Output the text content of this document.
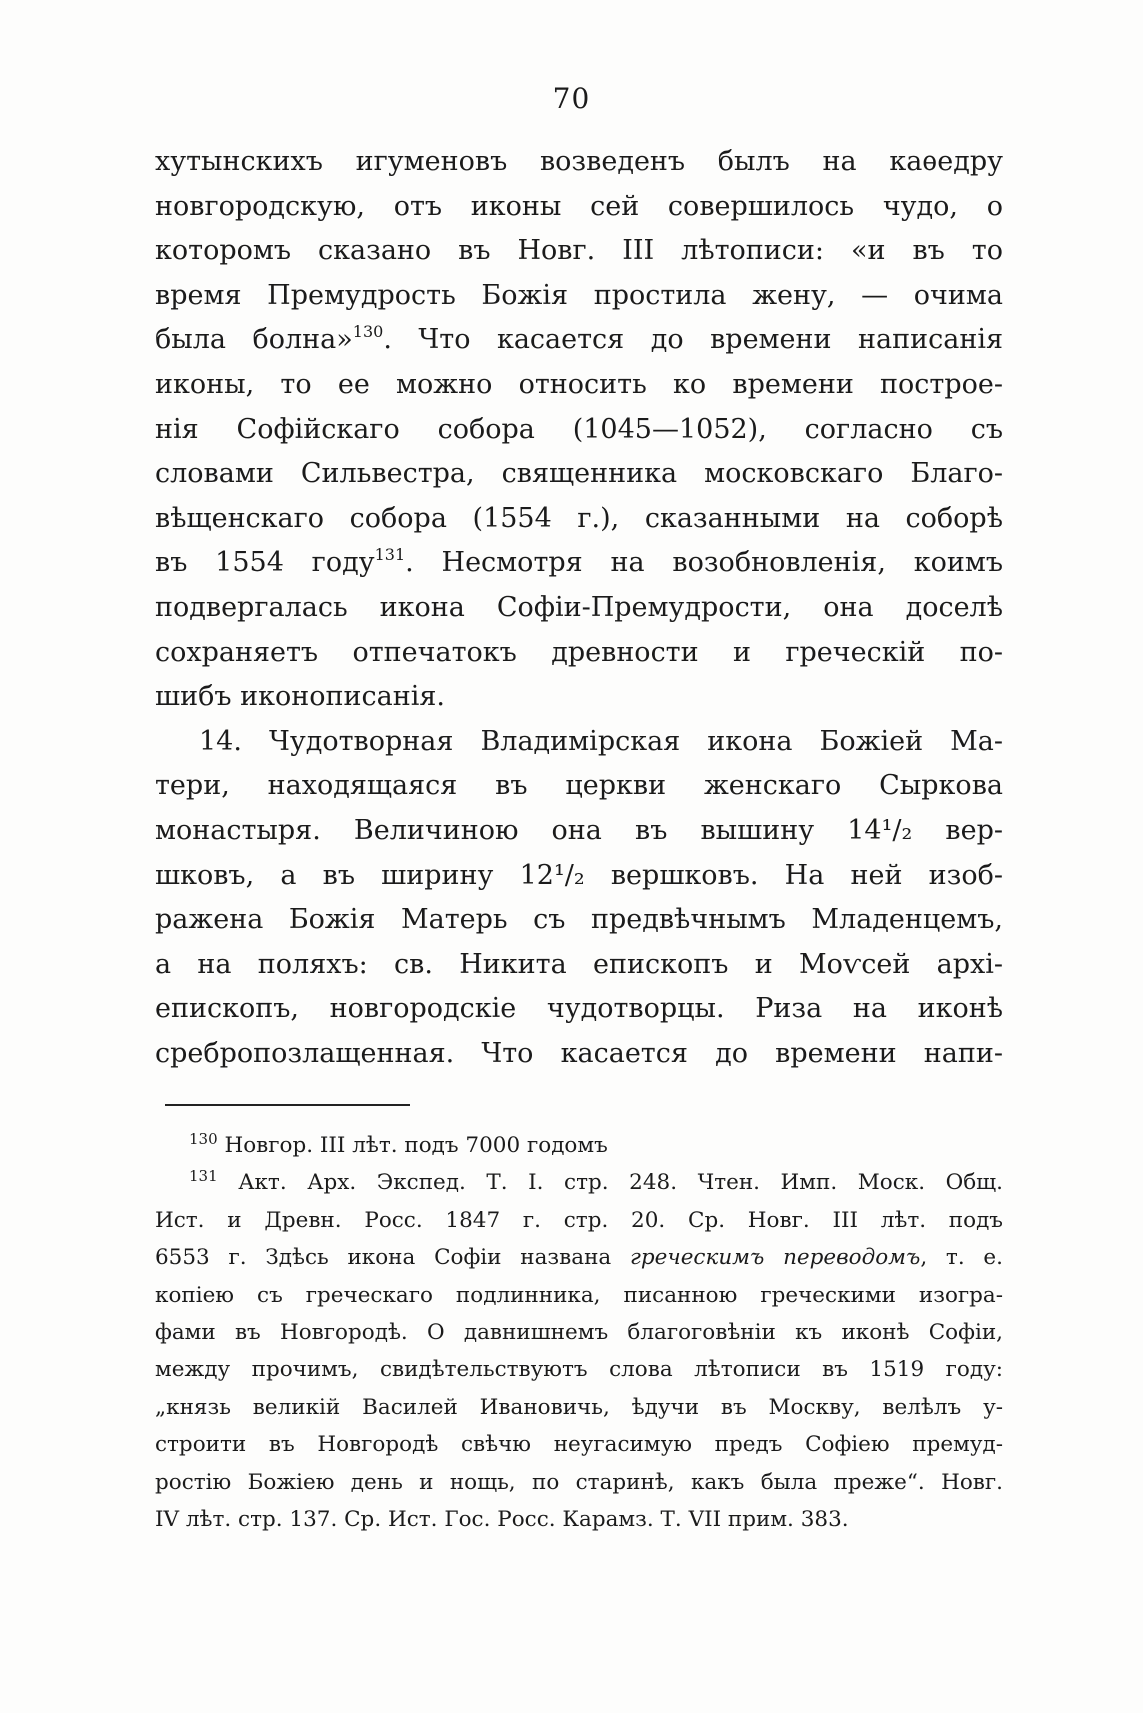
70
хутынскихъ игуменовъ возведенъ былъ на каѳедру
новгородскую, отъ иконы сей совершилось чудо, о
которомъ сказано въ Новг. III лѣтописи: «и въ то
время Премудрость Божія простила жену, — очима
была болна»$^{130}$. Что касается до времени написанія
иконы, то ее можно относить ко времени построе-
нія Софійскаго собора (1045—1052), согласно съ
словами Сильвестра, священника московскаго Благо-
вѣщенскаго собора (1554 г.), сказанными на соборѣ
въ 1554 году$^{131}$. Несмотря на возобновленія, коимъ
подвергалась икона Софіи-Премудрости, она доселѣ
сохраняетъ отпечатокъ древности и греческій по-
шибъ иконописанія.
14. Чудотворная Владимірская икона Божіей Ма-
тери, находящаяся въ церкви женскаго Сыркова
монастыря. Величиною она въ вышину 14¹/₂ вер-
шковъ, а въ ширину 12¹/₂ вершковъ. На ней изоб-
ражена Божія Матерь съ предвѣчнымъ Младенцемъ,
а на поляхъ: св. Никита епископъ и Моѵсей архі-
епископъ, новгородскіе чудотворцы. Риза на иконѣ
сребропозлащенная. Что касается до времени напи-
$^{130}$ Новгор. III лѣт. подъ 7000 годомъ
$^{131}$ Акт. Арх. Экспед. Т. I. стр. 248. Чтен. Имп. Моск. Общ.
Ист. и Древн. Росс. 1847 г. стр. 20. Ср. Новг. III лѣт. подъ
6553 г. Здѣсь икона Софіи названа греческимъ переводомъ, т. е.
копіею съ греческаго подлинника, писанною греческими изогра-
фами въ Новгородѣ. О давнишнемъ благоговѣніи къ иконѣ Софіи,
между прочимъ, свидѣтельствуютъ слова лѣтописи въ 1519 году:
„князь великій Василей Ивановичь, ѣдучи въ Москву, велѣлъ у-
строити въ Новгородѣ свѣчю неугасимую предъ Софіею премуд-
ростію Божіею день и нощь, по старинѣ, какъ была преже“. Новг.
IV лѣт. стр. 137. Ср. Ист. Гос. Росс. Карамз. Т. VII прим. 383.
